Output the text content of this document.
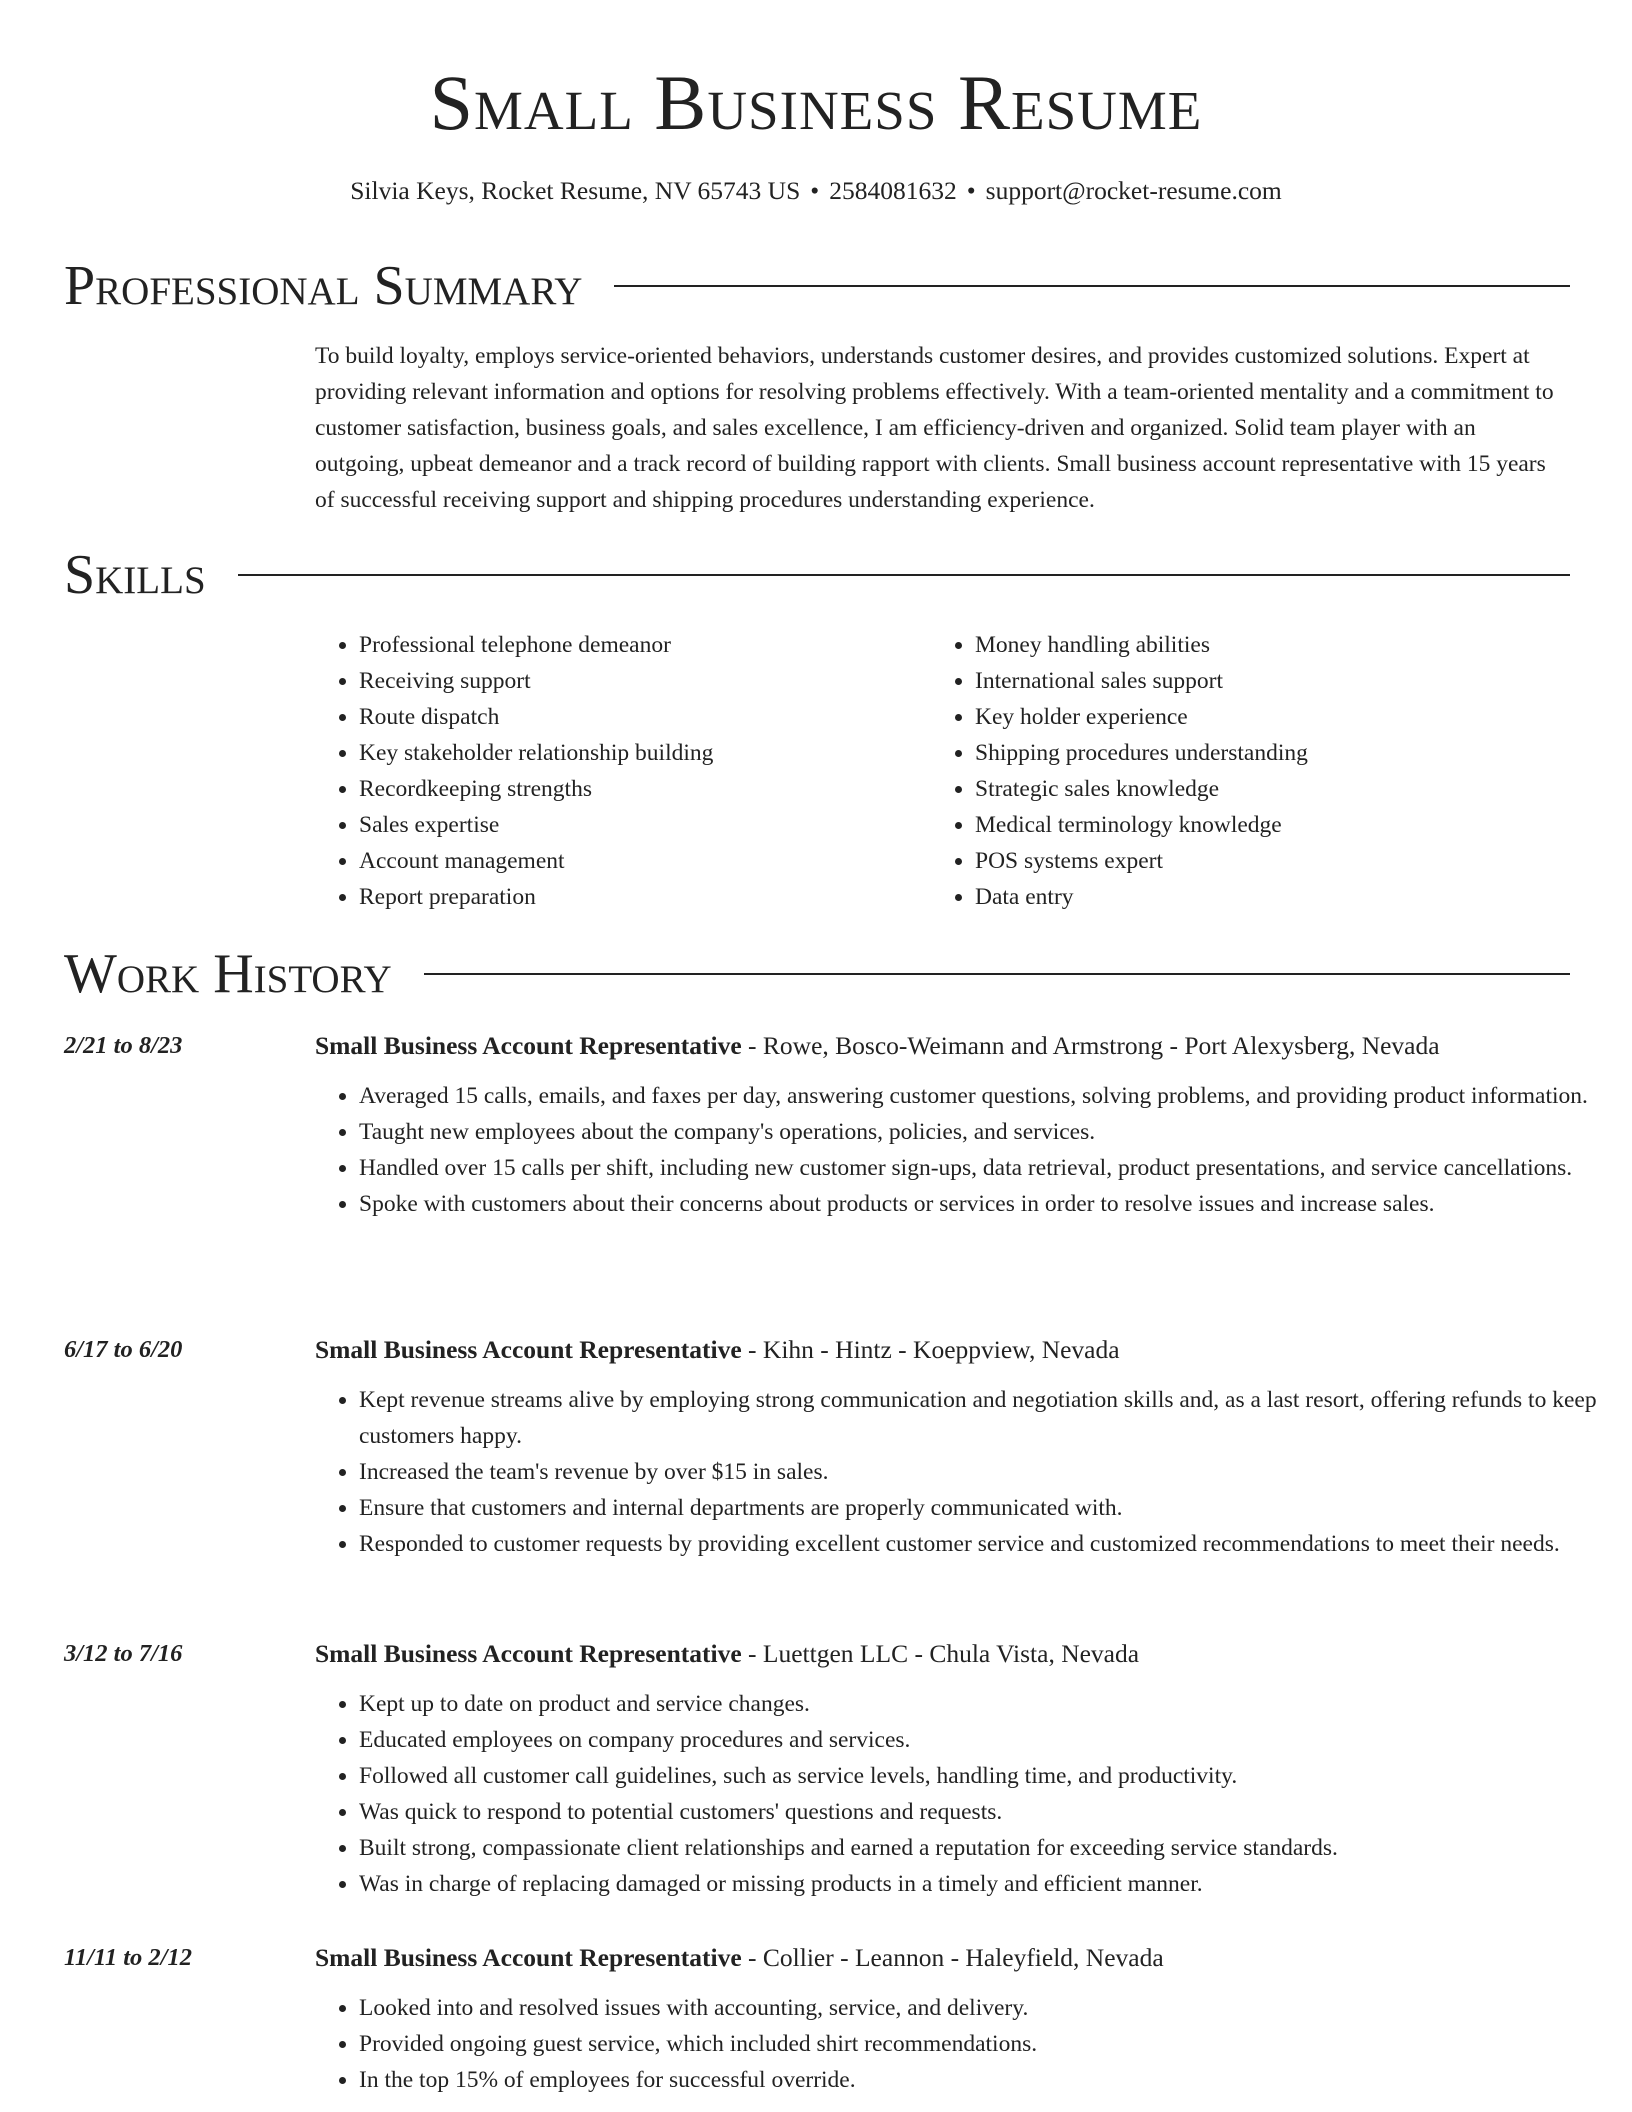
Small Business Resume
Silvia Keys, Rocket Resume, NV 65743 US • 2584081632 • support@rocket-resume.com
Professional Summary

To build loyalty, employs service-oriented behaviors, understands customer desires, and provides customized solutions. Expert at providing relevant information and options for resolving problems effectively. With a team-oriented mentality and a commitment to customer satisfaction, business goals, and sales excellence, I am efficiency-driven and organized. Solid team player with an outgoing, upbeat demeanor and a track record of building rapport with clients. Small business account representative with 15 years of successful receiving support and shipping procedures understanding experience.

Skills
• Professional telephone demeanor
• Receiving support
• Route dispatch
• Key stakeholder relationship building
• Recordkeeping strengths
• Sales expertise
• Account management
• Report preparation
• Money handling abilities
• International sales support
• Key holder experience
• Shipping procedures understanding
• Strategic sales knowledge
• Medical terminology knowledge
• POS systems expert
• Data entry
Work History
2/21 to 8/23	Small Business Account Representative - Rowe, Bosco-Weimann and Armstrong - Port Alexysberg, Nevada
• Averaged 15 calls, emails, and faxes per day, answering customer questions, solving problems, and providing product information.
• Taught new employees about the company's operations, policies, and services.
• Handled over 15 calls per shift, including new customer sign-ups, data retrieval, product presentations, and service cancellations.
• Spoke with customers about their concerns about products or services in order to resolve issues and increase sales.
6/17 to 6/20	Small Business Account Representative - Kihn - Hintz - Koeppview, Nevada
• Kept revenue streams alive by employing strong communication and negotiation skills and, as a last resort, offering refunds to keep customers happy.
• Increased the team's revenue by over $15 in sales.
• Ensure that customers and internal departments are properly communicated with.
• Responded to customer requests by providing excellent customer service and customized recommendations to meet their needs.
3/12 to 7/16	Small Business Account Representative - Luettgen LLC - Chula Vista, Nevada
• Kept up to date on product and service changes.
• Educated employees on company procedures and services.
• Followed all customer call guidelines, such as service levels, handling time, and productivity.
• Was quick to respond to potential customers' questions and requests.
• Built strong, compassionate client relationships and earned a reputation for exceeding service standards.
• Was in charge of replacing damaged or missing products in a timely and efficient manner.
11/11 to 2/12	Small Business Account Representative - Collier - Leannon - Haleyfield, Nevada
• Looked into and resolved issues with accounting, service, and delivery.
• Provided ongoing guest service, which included shirt recommendations.
• In the top 15% of employees for successful override.
